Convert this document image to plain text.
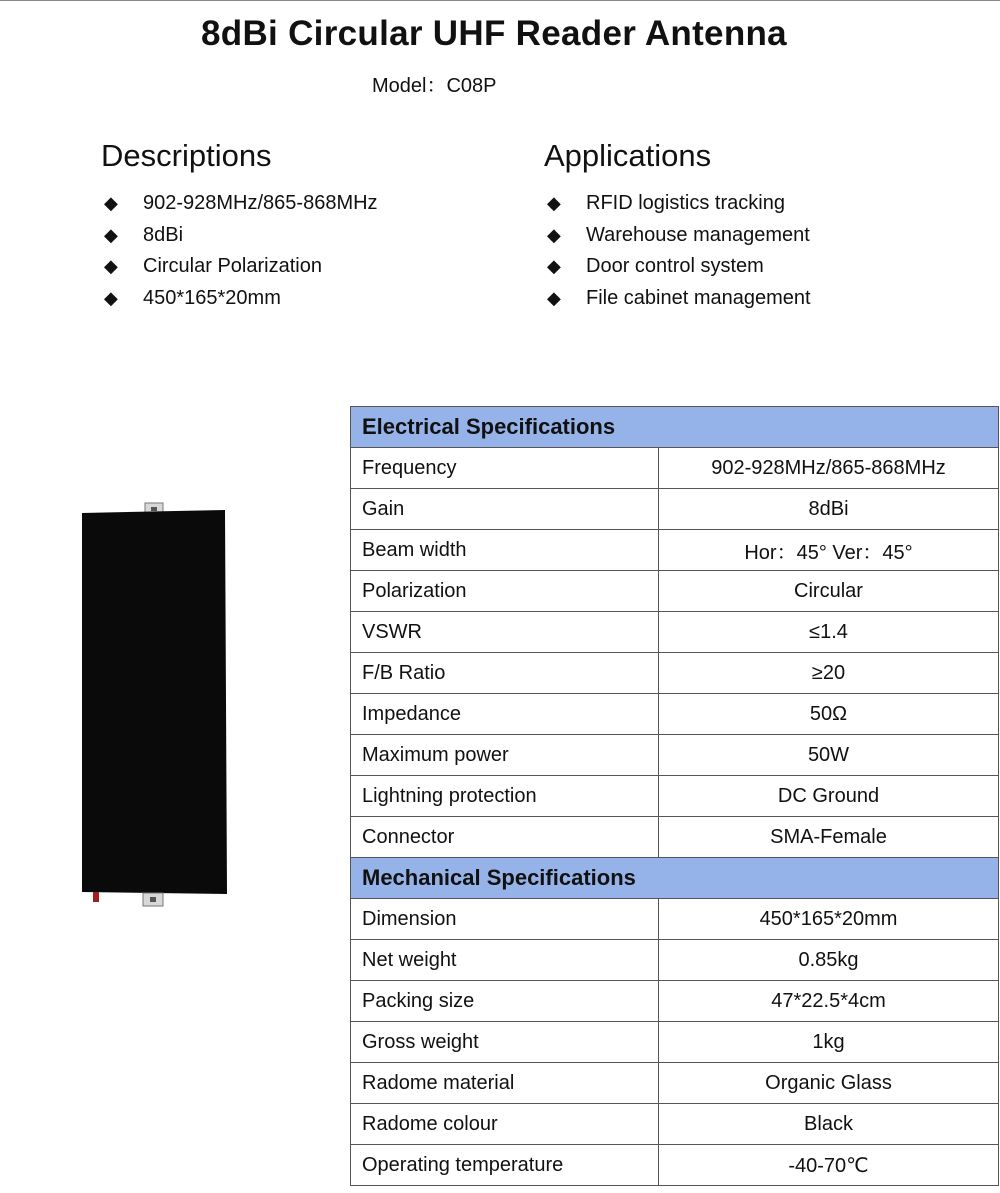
8dBi Circular UHF Reader Antenna
Model：C08P
Descriptions
◆ 902-928MHz/865-868MHz
◆ 8dBi
◆ Circular Polarization
◆ 450*165*20mm
Applications
◆ RFID logistics tracking
◆ Warehouse management
◆ Door control system
◆ File cabinet management
Electrical Specifications	
Frequency	902-928MHz/865-868MHz
Gain	8dBi
Beam width	Hor：45° Ver：45°
Polarization	Circular
VSWR	≤1.4
F/B Ratio	≥20
Impedance	50Ω
Maximum power	50W
Lightning protection	DC Ground
Connector	SMA-Female
Mechanical Specifications	
Dimension	450*165*20mm
Net weight	0.85kg
Packing size	47*22.5*4cm
Gross weight	1kg
Radome material	Organic Glass
Radome colour	Black
Operating temperature	-40-70℃
